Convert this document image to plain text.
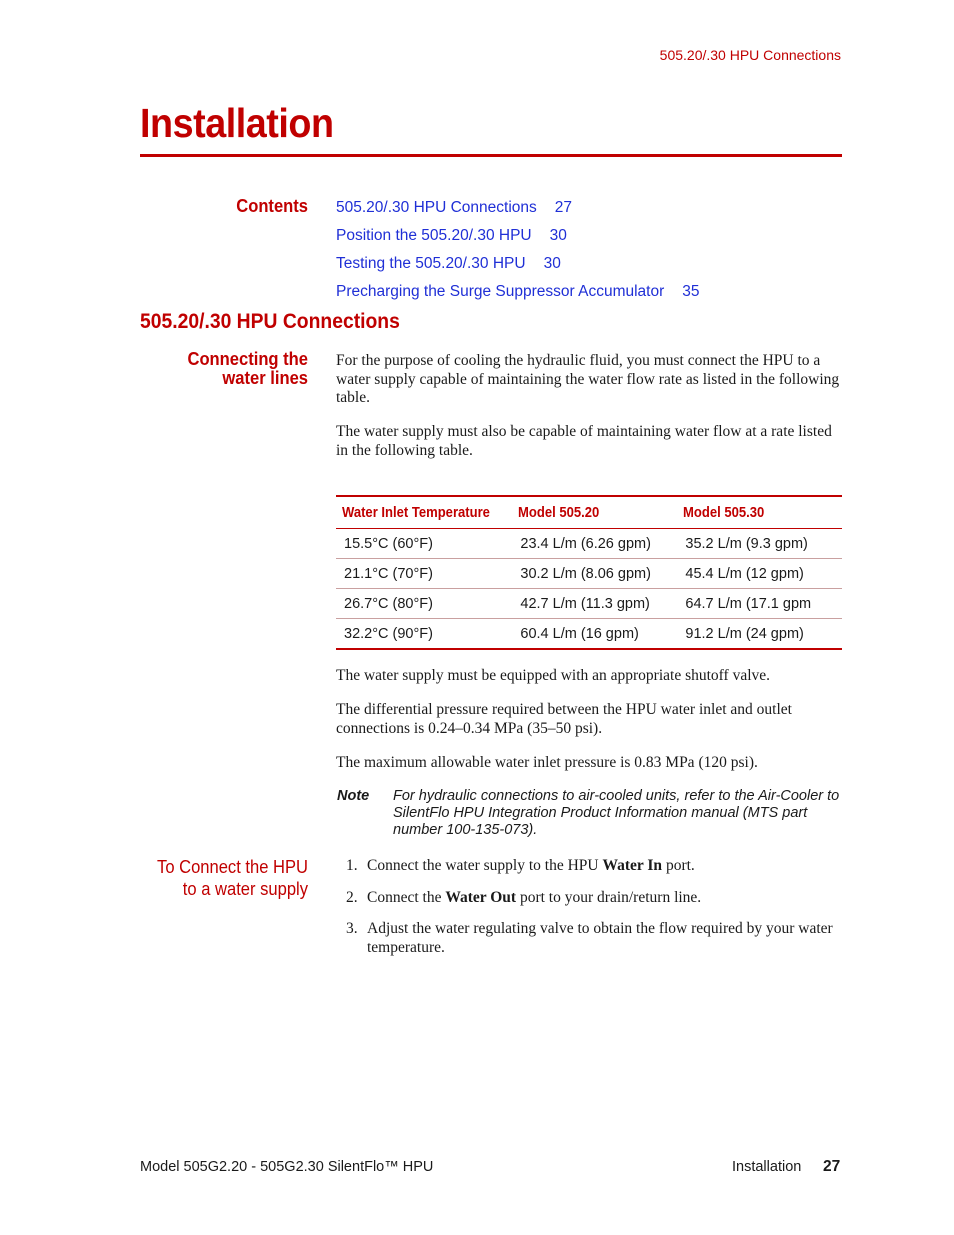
505.20/.30 HPU Connections
Installation
Contents 505.20/.30 HPU Connections 27
Position the 505.20/.30 HPU 30
Testing the 505.20/.30 HPU 30
Precharging the Surge Suppressor Accumulator 35
505.20/.30 HPU Connections
Connecting the water lines

For the purpose of cooling the hydraulic fluid, you must connect the HPU to a water supply capable of maintaining the water flow rate as listed in the following table.

The water supply must also be capable of maintaining water flow at a rate listed in the following table.

Water Inlet Temperature	Model 505.20	Model 505.30
15.5°C (60°F)	23.4 L/m (6.26 gpm)	35.2 L/m (9.3 gpm)
21.1°C (70°F)	30.2 L/m (8.06 gpm)	45.4 L/m (12 gpm)
26.7°C (80°F)	42.7 L/m (11.3 gpm)	64.7 L/m (17.1 gpm
32.2°C (90°F)	60.4 L/m (16 gpm)	91.2 L/m (24 gpm)

The water supply must be equipped with an appropriate shutoff valve.

The differential pressure required between the HPU water inlet and outlet connections is 0.24–0.34 MPa (35–50 psi).

The maximum allowable water inlet pressure is 0.83 MPa (120 psi).

Note For hydraulic connections to air-cooled units, refer to the Air-Cooler to SilentFlo HPU Integration Product Information manual (MTS part number 100-135-073).
To Connect the HPU to a water supply
1. Connect the water supply to the HPU Water In port.
2. Connect the Water Out port to your drain/return line.
3. Adjust the water regulating valve to obtain the flow required by your water temperature.
Model 505G2.20 - 505G2.30 SilentFlo™ HPU	Installation 27
